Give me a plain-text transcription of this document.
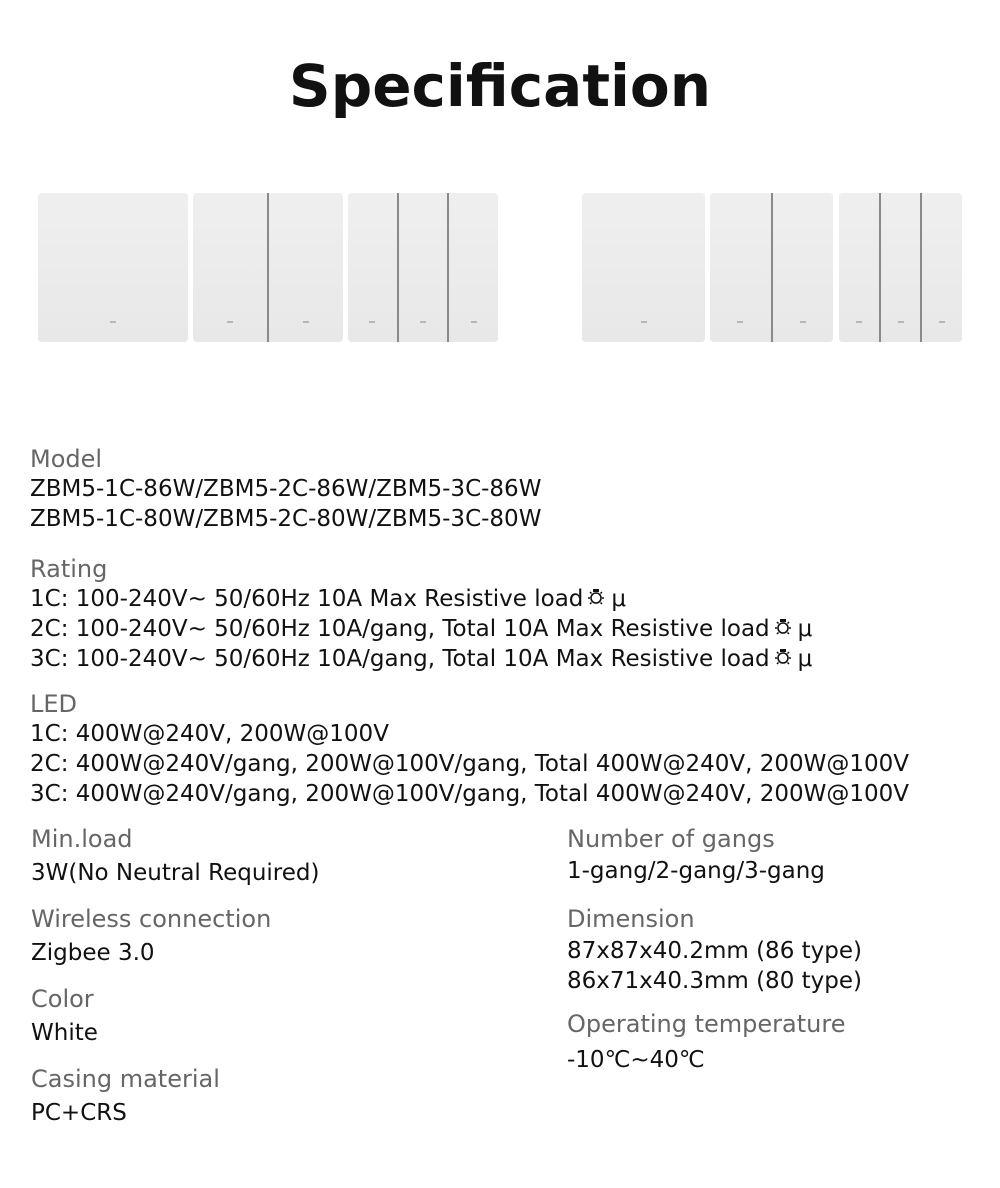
Specification
Model
ZBM5-1C-86W/ZBM5-2C-86W/ZBM5-3C-86W
ZBM5-1C-80W/ZBM5-2C-80W/ZBM5-3C-80W
Rating
1C: 100-240V~ 50/60Hz 10A Max Resistive load μ
2C: 100-240V~ 50/60Hz 10A/gang, Total 10A Max Resistive load μ
3C: 100-240V~ 50/60Hz 10A/gang, Total 10A Max Resistive load μ
LED
1C: 400W@240V, 200W@100V
2C: 400W@240V/gang, 200W@100V/gang, Total 400W@240V, 200W@100V
3C: 400W@240V/gang, 200W@100V/gang, Total 400W@240V, 200W@100V
Min.load
3W(No Neutral Required)
Wireless connection
Zigbee 3.0
Color
White
Casing material
PC+CRS
Number of gangs
1-gang/2-gang/3-gang
Dimension
87x87x40.2mm (86 type)
86x71x40.3mm (80 type)
Operating temperature
-10℃~40℃
